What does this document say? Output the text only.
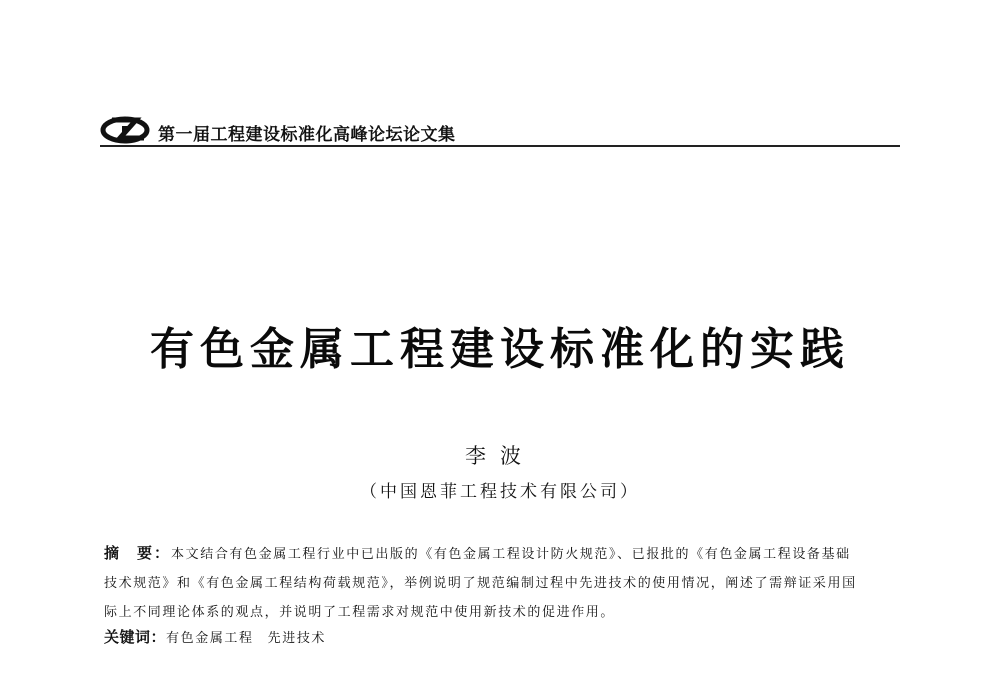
第一届工程建设标准化高峰论坛论文集
有色金属工程建设标准化的实践
李波
（中国恩菲工程技术有限公司）
摘 要：本文结合有色金属工程行业中已出版的《有色金属工程设计防火规范》、已报批的《有色金属工程设备基础
技术规范》和《有色金属工程结构荷载规范》，举例说明了规范编制过程中先进技术的使用情况，阐述了需辩证采用国
际上不同理论体系的观点，并说明了工程需求对规范中使用新技术的促进作用。
关键词：有色金属工程 先进技术
